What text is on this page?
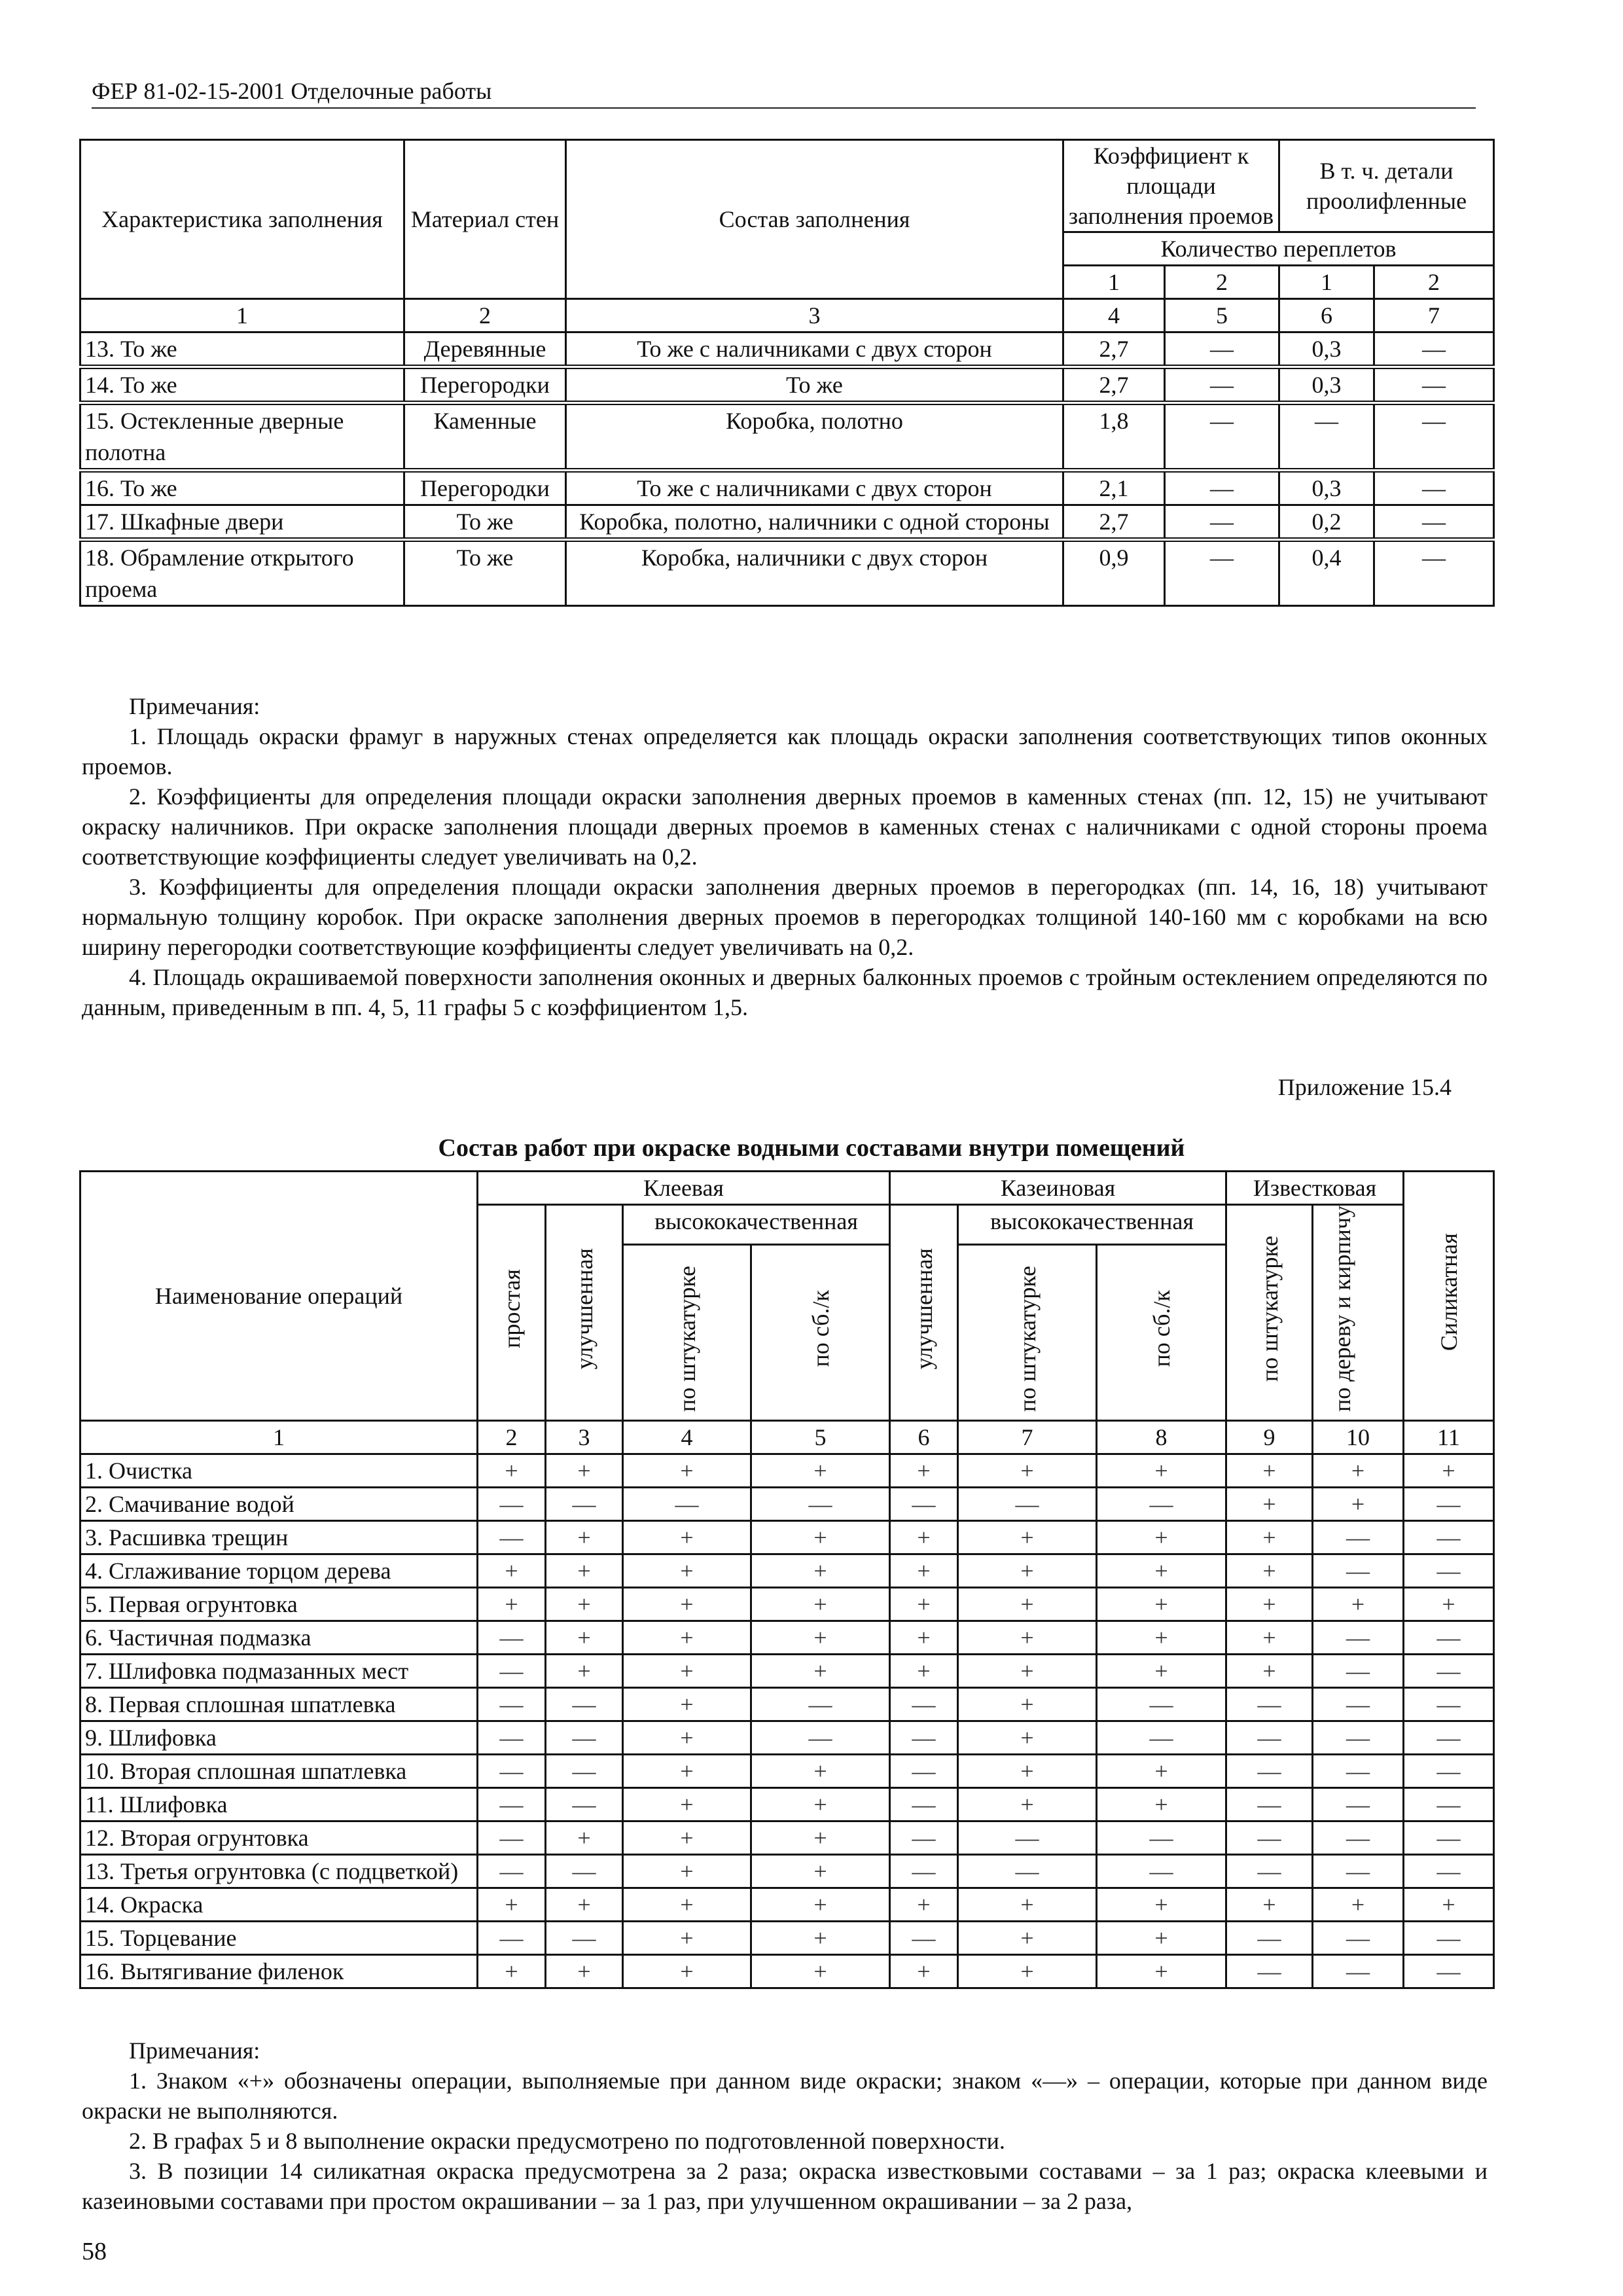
ФЕР 81-02-15-2001 Отделочные работы
Характеристика заполнения	Материал стен	Состав заполнения	Коэффициент к площади заполнения проемов		В т. ч. детали проолифленные	
			Количество переплетов			
			1	2	1	2

1	2	3	4	5	6	7
13. То же	Деревянные	То же с наличниками с двух сторон	2,7	—	0,3	—
14. То же	Перегородки	То же	2,7	—	0,3	—
15. Остекленные дверные полотна	Каменные	Коробка, полотно	1,8	—	—	—
16. То же	Перегородки	То же с наличниками с двух сторон	2,1	—	0,3	—
17. Шкафные двери	То же	Коробка, полотно, наличники с одной стороны	2,7	—	0,2	—
18. Обрамление открытого проема	То же	Коробка, наличники с двух сторон	0,9	—	0,4	—

Примечания:

1. Площадь окраски фрамуг в наружных стенах определяется как площадь окраски заполнения соответствующих типов оконных проемов.

2. Коэффициенты для определения площади окраски заполнения дверных проемов в каменных стенах (пп. 12, 15) не учитывают окраску наличников. При окраске заполнения площади дверных проемов в каменных стенах с наличниками с одной стороны проема соответствующие коэффициенты следует увеличивать на 0,2.

3. Коэффициенты для определения площади окраски заполнения дверных проемов в перегородках (пп. 14, 16, 18) учитывают нормальную толщину коробок. При окраске заполнения дверных проемов в перегородках толщиной 140-160 мм с коробками на всю ширину перегородки соответствующие коэффициенты следует увеличивать на 0,2.

4. Площадь окрашиваемой поверхности заполнения оконных и дверных балконных проемов с тройным остеклением определяются по данным, приведенным в пп. 4, 5, 11 графы 5 с коэффициентом 1,5.

Приложение 15.4
Состав работ при окраске водными составами внутри помещений
Наименование операций	Клеевая				Казеиновая			Известковая		Силикатная
	простая	улучшенная	высококачественная		улучшенная	высококачественная		по штукатурке	по дереву и кирпичу	
			по штукатурке	по сб./к		по штукатурке	по сб./к			
1	2	3	4	5	6	7	8	9	10	11
1. Очистка	+	+	+	+	+	+	+	+	+	+
2. Смачивание водой	—	—	—	—	—	—	—	+	+	—
3. Расшивка трещин	—	+	+	+	+	+	+	+	—	—
4. Сглаживание торцом дерева	+	+	+	+	+	+	+	+	—	—
5. Первая огрунтовка	+	+	+	+	+	+	+	+	+	+
6. Частичная подмазка	—	+	+	+	+	+	+	+	—	—
7. Шлифовка подмазанных мест	—	+	+	+	+	+	+	+	—	—
8. Первая сплошная шпатлевка	—	—	+	—	—	+	—	—	—	—
9. Шлифовка	—	—	+	—	—	+	—	—	—	—
10. Вторая сплошная шпатлевка	—	—	+	+	—	+	+	—	—	—
11. Шлифовка	—	—	+	+	—	+	+	—	—	—
12. Вторая огрунтовка	—	+	+	+	—	—	—	—	—	—
13. Третья огрунтовка (с подцветкой)	—	—	+	+	—	—	—	—	—	—
14. Окраска	+	+	+	+	+	+	+	+	+	+
15. Торцевание	—	—	+	+	—	+	+	—	—	—
16. Вытягивание филенок	+	+	+	+	+	+	+	—	—	—

Примечания:

1. Знаком «+» обозначены операции, выполняемые при данном виде окраски; знаком «—» – операции, которые при данном виде окраски не выполняются.

2. В графах 5 и 8 выполнение окраски предусмотрено по подготовленной поверхности.

3. В позиции 14 силикатная окраска предусмотрена за 2 раза; окраска известковыми составами – за 1 раз; окраска клеевыми и казеиновыми составами при простом окрашивании – за 1 раз, при улучшенном окрашивании – за 2 раза,

58
